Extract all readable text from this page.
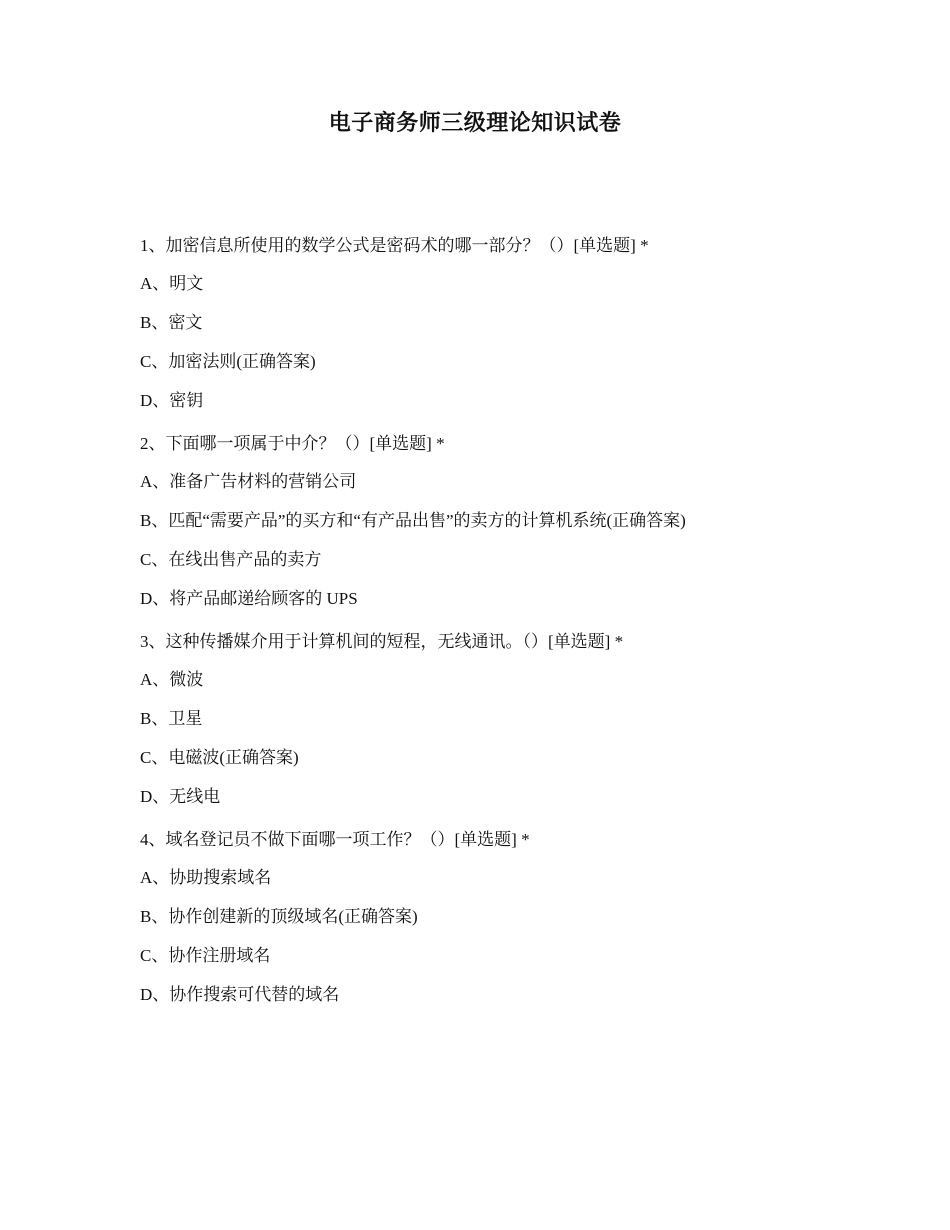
电子商务师三级理论知识试卷

1、加密信息所使用的数学公式是密码术的哪一部分？（）[单选题] *

A、明文

B、密文

C、加密法则(正确答案)

D、密钥

2、下面哪一项属于中介？（）[单选题] *

A、准备广告材料的营销公司

B、匹配“需要产品”的买方和“有产品出售”的卖方的计算机系统(正确答案)

C、在线出售产品的卖方

D、将产品邮递给顾客的 UPS

3、这种传播媒介用于计算机间的短程，无线通讯。（）[单选题] *

A、微波

B、卫星

C、电磁波(正确答案)

D、无线电

4、域名登记员不做下面哪一项工作？（）[单选题] *

A、协助搜索域名

B、协作创建新的顶级域名(正确答案)

C、协作注册域名

D、协作搜索可代替的域名
